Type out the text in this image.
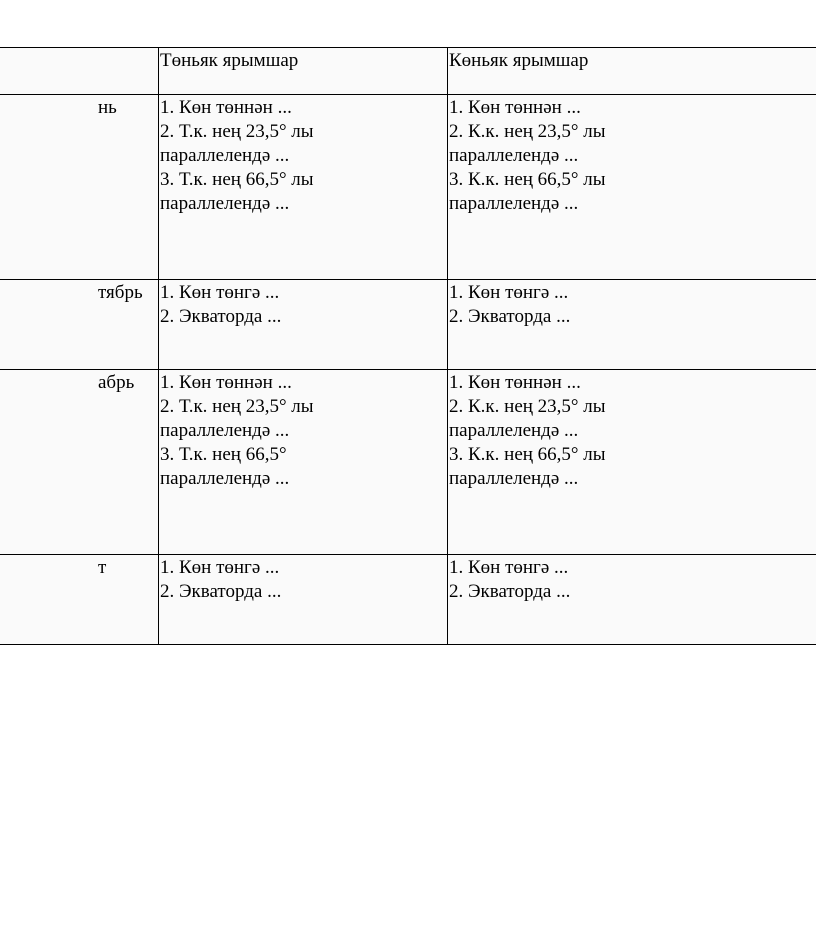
	Төньяк ярымшар	Көньяк ярымшар
нь	1. Көн төннән ...
2. Т.к. нең 23,5° лы
параллелендә ...
3. Т.к. нең 66,5° лы
параллелендә ...	1. Көн төннән ...
2. К.к. нең 23,5° лы
параллелендә ...
3. К.к. нең 66,5° лы
параллелендә ...

тябрь	1. Көн төнгә ...
2. Экваторда ...	1. Көн төнгә ...
2. Экваторда ...

абрь	1. Көн төннән ...
2. Т.к. нең 23,5° лы
параллелендә ...
3. Т.к. нең 66,5°
параллелендә ...	1. Көн төннән ...
2. К.к. нең 23,5° лы
параллелендә ...
3. К.к. нең 66,5° лы
параллелендә ...

т	1. Көн төнгә ...
2. Экваторда ...	1. Көн төнгә ...
2. Экваторда ...
